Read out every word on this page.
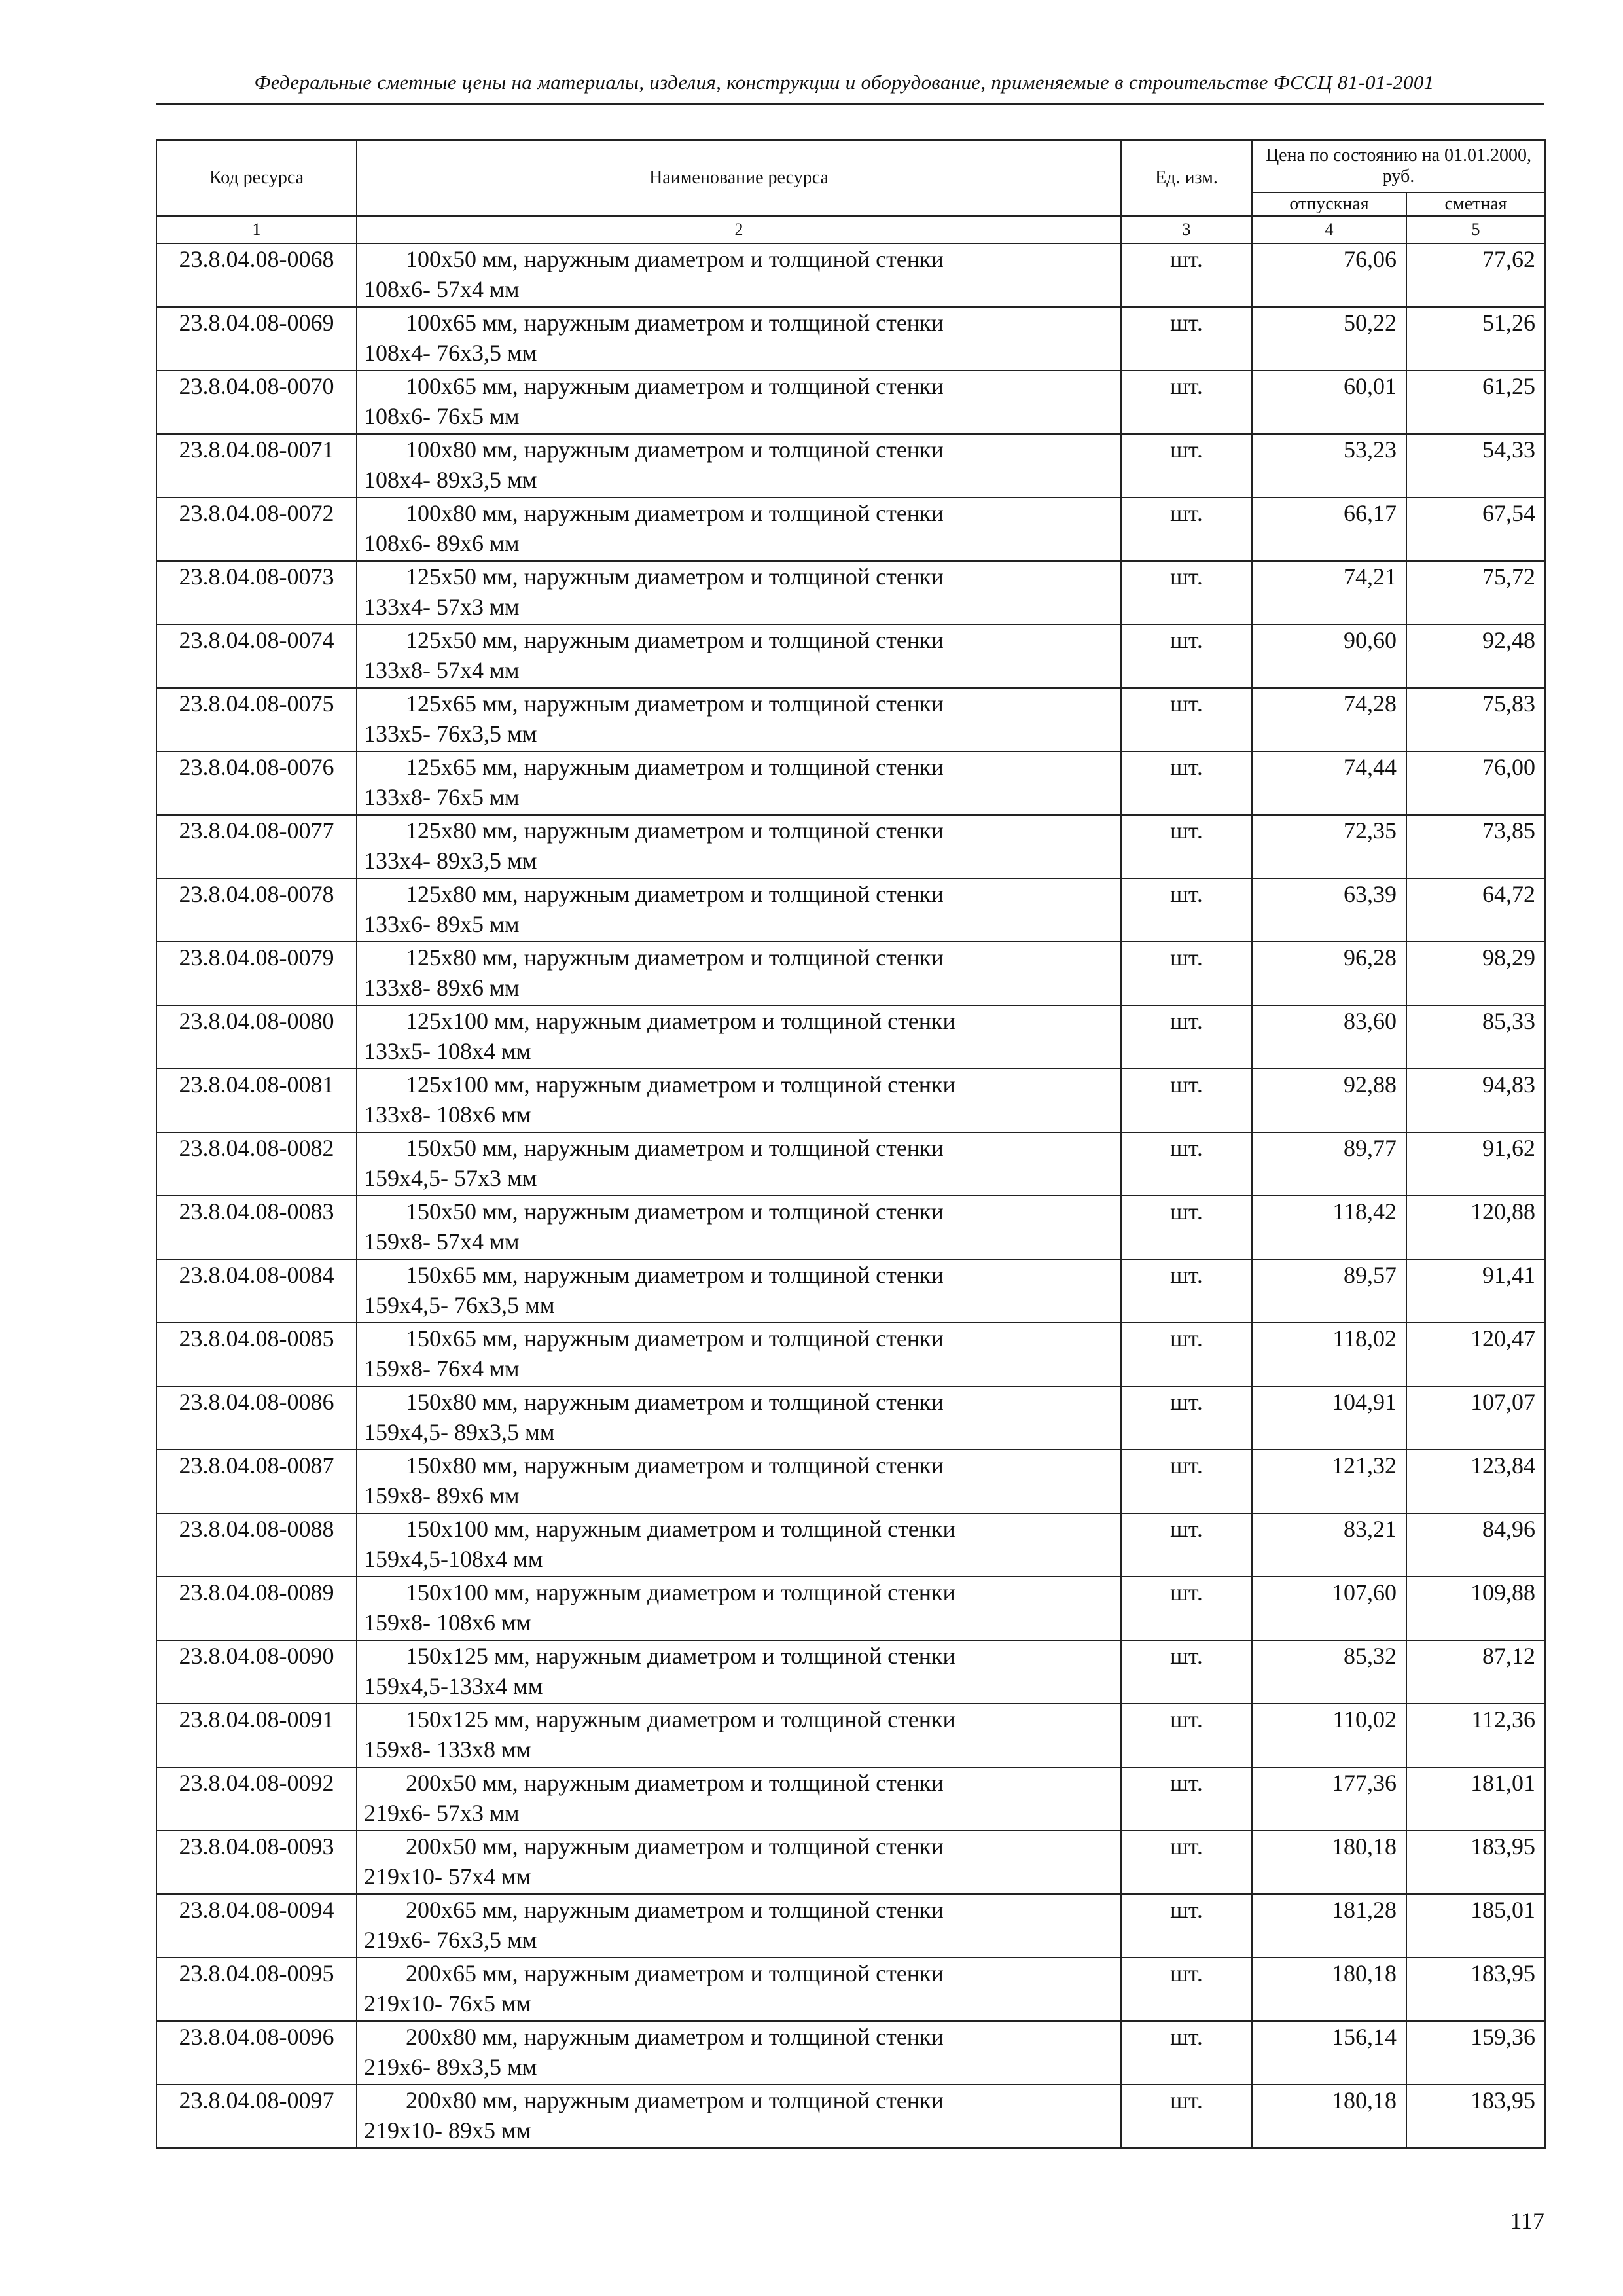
Федеральные сметные цены на материалы, изделия, конструкции и оборудование, применяемые в строительстве ФССЦ 81-01-2001
Код ресурса	Наименование ресурса	Ед. изм.	Цена по состоянию на 01.01.2000, руб.	
			отпускная	сметная
1	2	3	4	5
23.8.04.08-0068	100x50 мм, наружным диаметром и толщиной стенки
108x6- 57x4 мм	шт.	76,06	77,62
23.8.04.08-0069	100x65 мм, наружным диаметром и толщиной стенки
108x4- 76x3,5 мм	шт.	50,22	51,26
23.8.04.08-0070	100x65 мм, наружным диаметром и толщиной стенки
108x6- 76x5 мм	шт.	60,01	61,25
23.8.04.08-0071	100x80 мм, наружным диаметром и толщиной стенки
108x4- 89x3,5 мм	шт.	53,23	54,33
23.8.04.08-0072	100x80 мм, наружным диаметром и толщиной стенки
108x6- 89x6 мм	шт.	66,17	67,54
23.8.04.08-0073	125x50 мм, наружным диаметром и толщиной стенки
133x4- 57x3 мм	шт.	74,21	75,72
23.8.04.08-0074	125x50 мм, наружным диаметром и толщиной стенки
133x8- 57x4 мм	шт.	90,60	92,48
23.8.04.08-0075	125x65 мм, наружным диаметром и толщиной стенки
133x5- 76x3,5 мм	шт.	74,28	75,83
23.8.04.08-0076	125x65 мм, наружным диаметром и толщиной стенки
133x8- 76x5 мм	шт.	74,44	76,00
23.8.04.08-0077	125x80 мм, наружным диаметром и толщиной стенки
133x4- 89x3,5 мм	шт.	72,35	73,85
23.8.04.08-0078	125x80 мм, наружным диаметром и толщиной стенки
133x6- 89x5 мм	шт.	63,39	64,72
23.8.04.08-0079	125x80 мм, наружным диаметром и толщиной стенки
133x8- 89x6 мм	шт.	96,28	98,29
23.8.04.08-0080	125x100 мм, наружным диаметром и толщиной стенки
133x5- 108x4 мм	шт.	83,60	85,33
23.8.04.08-0081	125x100 мм, наружным диаметром и толщиной стенки
133x8- 108x6 мм	шт.	92,88	94,83
23.8.04.08-0082	150x50 мм, наружным диаметром и толщиной стенки
159x4,5- 57x3 мм	шт.	89,77	91,62
23.8.04.08-0083	150x50 мм, наружным диаметром и толщиной стенки
159x8- 57x4 мм	шт.	118,42	120,88
23.8.04.08-0084	150x65 мм, наружным диаметром и толщиной стенки
159x4,5- 76x3,5 мм	шт.	89,57	91,41
23.8.04.08-0085	150x65 мм, наружным диаметром и толщиной стенки
159x8- 76x4 мм	шт.	118,02	120,47
23.8.04.08-0086	150x80 мм, наружным диаметром и толщиной стенки
159x4,5- 89x3,5 мм	шт.	104,91	107,07
23.8.04.08-0087	150x80 мм, наружным диаметром и толщиной стенки
159x8- 89x6 мм	шт.	121,32	123,84
23.8.04.08-0088	150x100 мм, наружным диаметром и толщиной стенки
159x4,5-108x4 мм	шт.	83,21	84,96
23.8.04.08-0089	150x100 мм, наружным диаметром и толщиной стенки
159x8- 108x6 мм	шт.	107,60	109,88
23.8.04.08-0090	150x125 мм, наружным диаметром и толщиной стенки
159x4,5-133x4 мм	шт.	85,32	87,12
23.8.04.08-0091	150x125 мм, наружным диаметром и толщиной стенки
159x8- 133x8 мм	шт.	110,02	112,36
23.8.04.08-0092	200x50 мм, наружным диаметром и толщиной стенки
219x6- 57x3 мм	шт.	177,36	181,01
23.8.04.08-0093	200x50 мм, наружным диаметром и толщиной стенки
219x10- 57x4 мм	шт.	180,18	183,95
23.8.04.08-0094	200x65 мм, наружным диаметром и толщиной стенки
219x6- 76x3,5 мм	шт.	181,28	185,01
23.8.04.08-0095	200x65 мм, наружным диаметром и толщиной стенки
219x10- 76x5 мм	шт.	180,18	183,95
23.8.04.08-0096	200x80 мм, наружным диаметром и толщиной стенки
219x6- 89x3,5 мм	шт.	156,14	159,36
23.8.04.08-0097	200x80 мм, наружным диаметром и толщиной стенки
219x10- 89x5 мм	шт.	180,18	183,95
117
